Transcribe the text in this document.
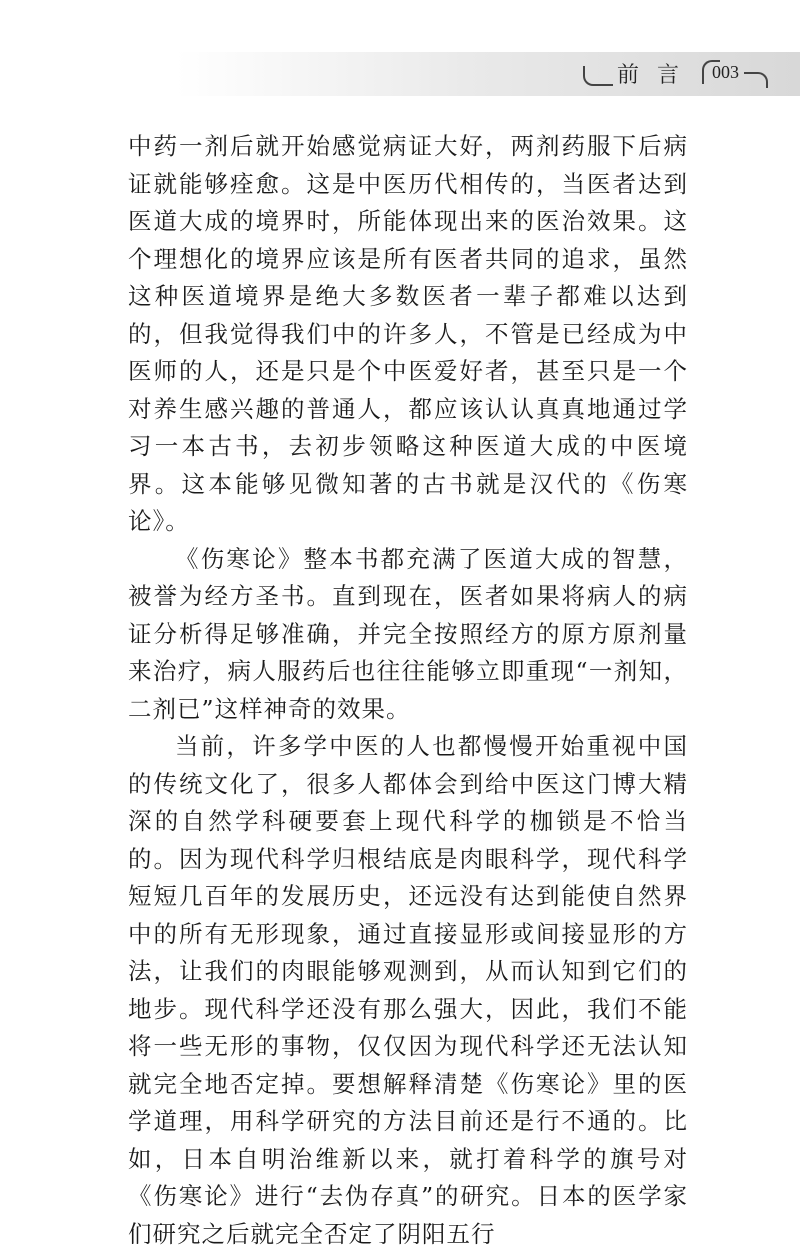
前言 003

中药一剂后就开始感觉病证大好，两剂药服下后病证就能够痊愈。这是中医历代相传的，当医者达到医道大成的境界时，所能体现出来的医治效果。这个理想化的境界应该是所有医者共同的追求，虽然这种医道境界是绝大多数医者一辈子都难以达到的，但我觉得我们中的许多人，不管是已经成为中医师的人，还是只是个中医爱好者，甚至只是一个对养生感兴趣的普通人，都应该认认真真地通过学习一本古书，去初步领略这种医道大成的中医境界。这本能够见微知著的古书就是汉代的《伤寒论》。

《伤寒论》整本书都充满了医道大成的智慧，被誉为经方圣书。直到现在，医者如果将病人的病证分析得足够准确，并完全按照经方的原方原剂量来治疗，病人服药后也往往能够立即重现“一剂知，二剂已”这样神奇的效果。

当前，许多学中医的人也都慢慢开始重视中国的传统文化了，很多人都体会到给中医这门博大精深的自然学科硬要套上现代科学的枷锁是不恰当的。因为现代科学归根结底是肉眼科学，现代科学短短几百年的发展历史，还远没有达到能使自然界中的所有无形现象，通过直接显形或间接显形的方法，让我们的肉眼能够观测到，从而认知到它们的地步。现代科学还没有那么强大，因此，我们不能将一些无形的事物，仅仅因为现代科学还无法认知就完全地否定掉。要想解释清楚《伤寒论》里的医学道理，用科学研究的方法目前还是行不通的。比如，日本自明治维新以来，就打着科学的旗号对《伤寒论》进行“去伪存真”的研究。日本的医学家们研究之后就完全否定了阴阳五行
